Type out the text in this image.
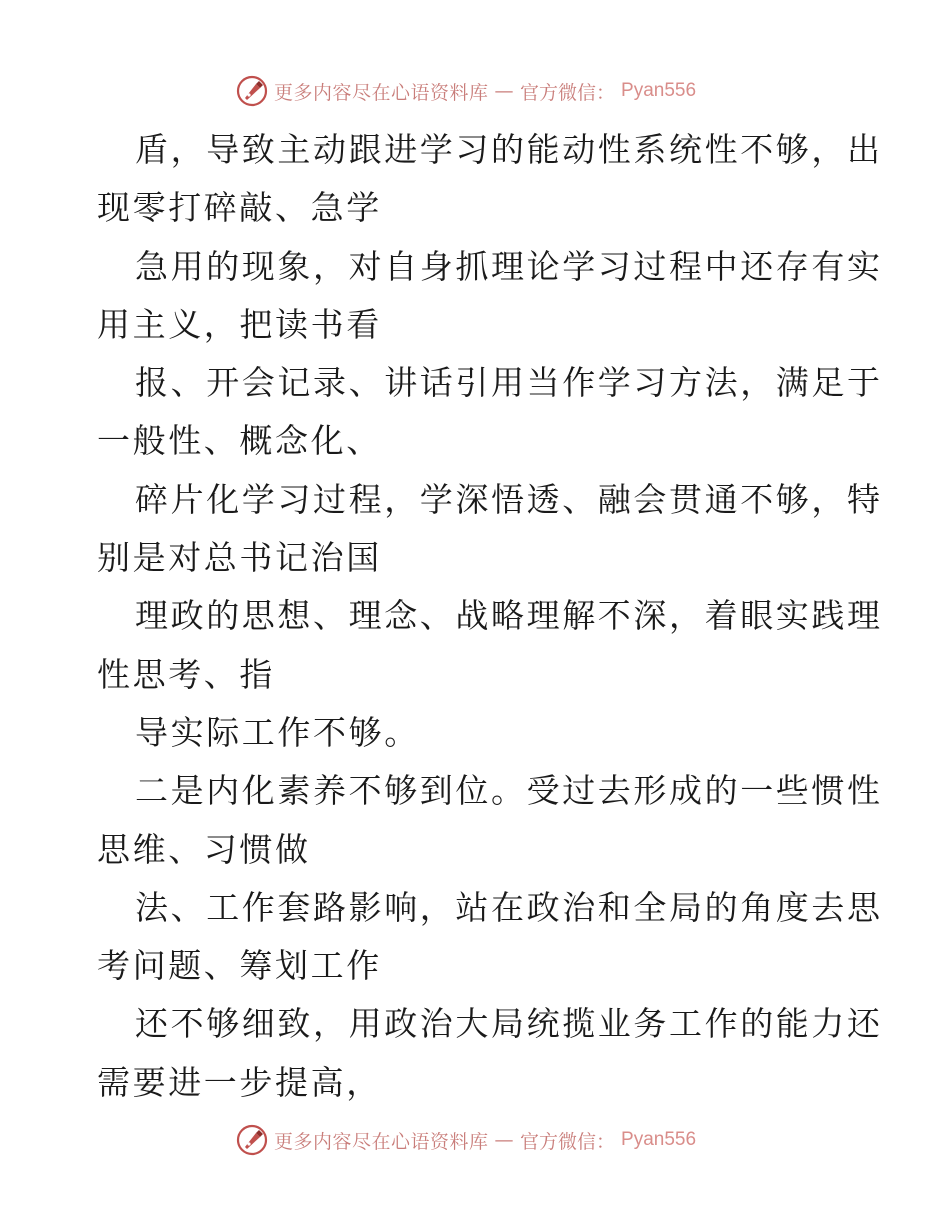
更多内容尽在心语资料库 — 官方微信： Pyan556
盾，导致主动跟进学习的能动性系统性不够，出
现零打碎敲、急学
急用的现象，对自身抓理论学习过程中还存有实
用主义，把读书看
报、开会记录、讲话引用当作学习方法，满足于
一般性、概念化、
碎片化学习过程，学深悟透、融会贯通不够，特
别是对总书记治国
理政的思想、理念、战略理解不深，着眼实践理
性思考、指
导实际工作不够。
二是内化素养不够到位。受过去形成的一些惯性
思维、习惯做
法、工作套路影响，站在政治和全局的角度去思
考问题、筹划工作
还不够细致，用政治大局统揽业务工作的能力还
需要进一步提高，
更多内容尽在心语资料库 — 官方微信： Pyan556
